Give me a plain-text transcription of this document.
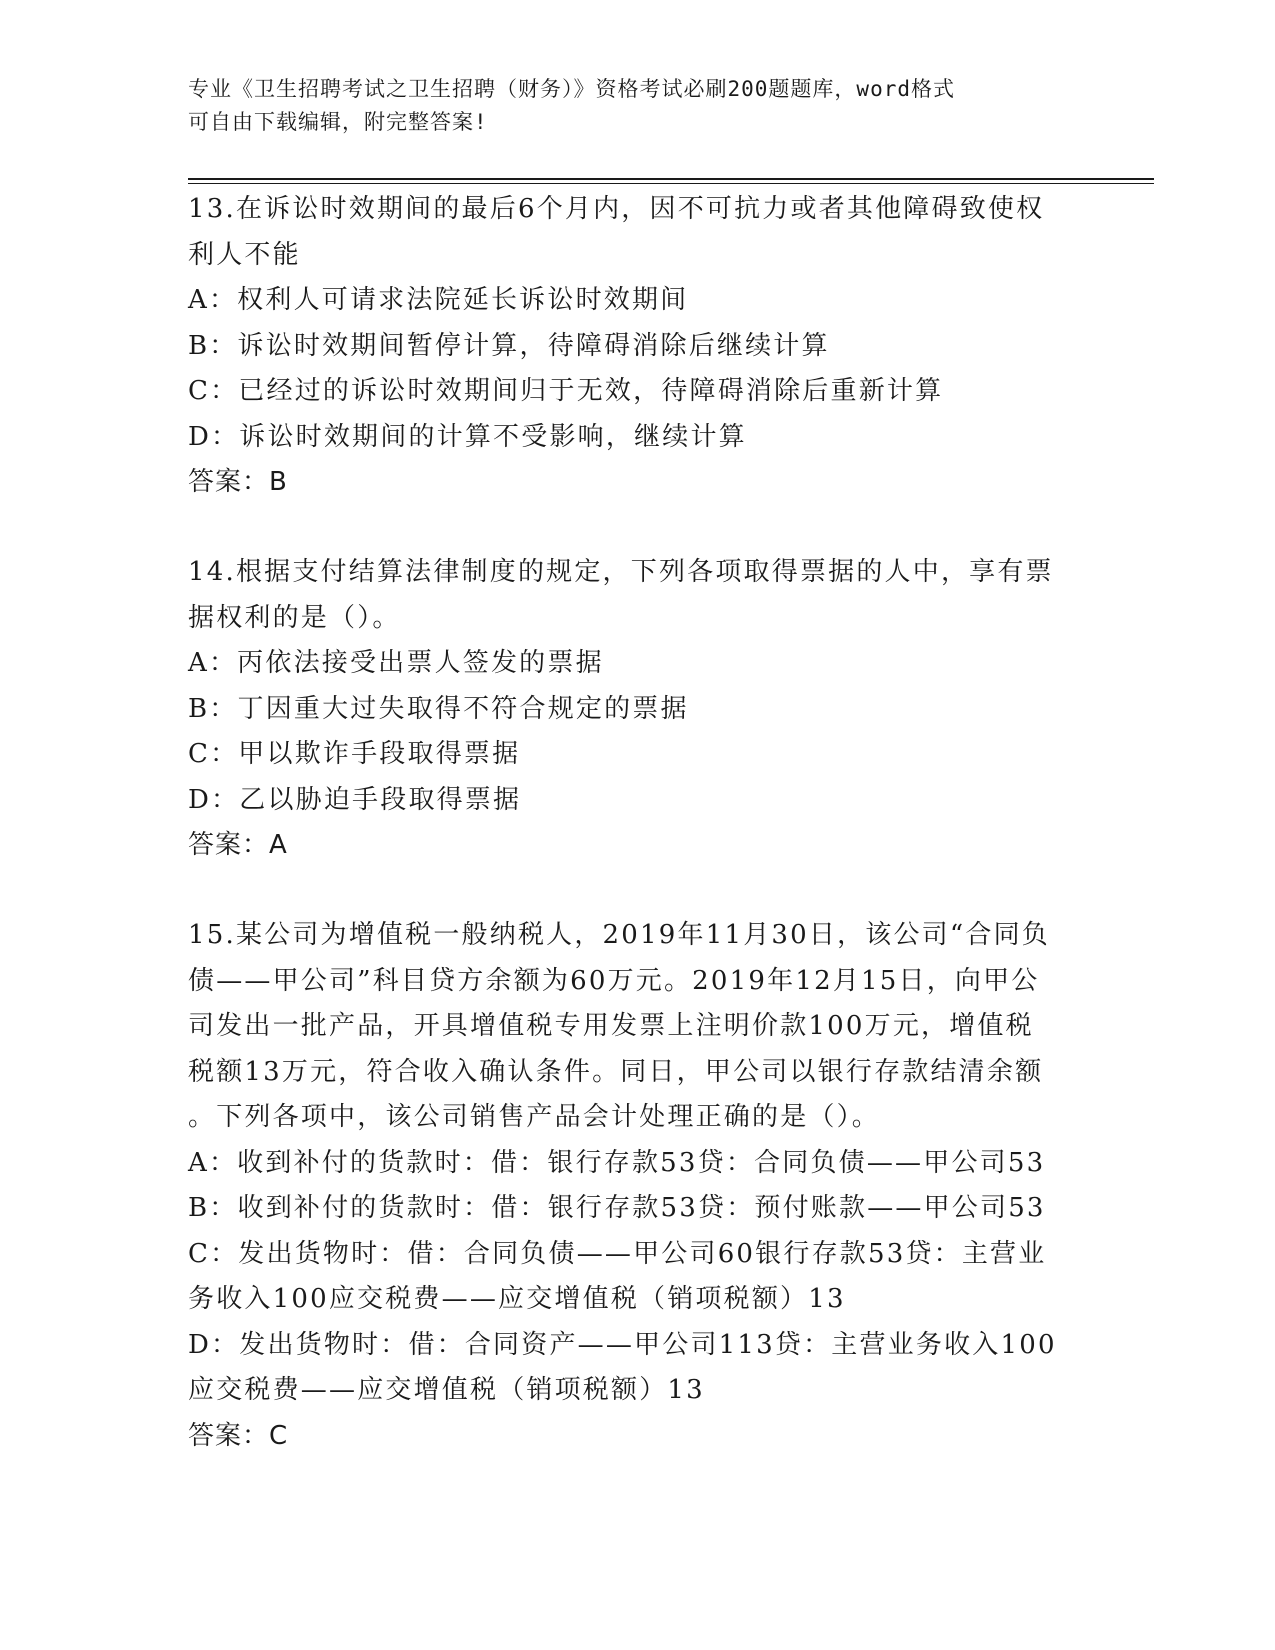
专业《卫生招聘考试之卫生招聘（财务）》资格考试必刷200题题库，word格式
可自由下载编辑，附完整答案!
13.在诉讼时效期间的最后6个月内，因不可抗力或者其他障碍致使权
利人不能
A：权利人可请求法院延长诉讼时效期间
B：诉讼时效期间暂停计算，待障碍消除后继续计算
C：已经过的诉讼时效期间归于无效，待障碍消除后重新计算
D：诉讼时效期间的计算不受影响，继续计算
答案：B
14.根据支付结算法律制度的规定，下列各项取得票据的人中，享有票
据权利的是（）。
A：丙依法接受出票人签发的票据
B：丁因重大过失取得不符合规定的票据
C：甲以欺诈手段取得票据
D：乙以胁迫手段取得票据
答案：A
15.某公司为增值税一般纳税人，2019年11月30日，该公司“合同负
债——甲公司”科目贷方余额为60万元。2019年12月15日，向甲公
司发出一批产品，开具增值税专用发票上注明价款100万元，增值税
税额13万元，符合收入确认条件。同日，甲公司以银行存款结清余额
。下列各项中，该公司销售产品会计处理正确的是（）。
A：收到补付的货款时：借：银行存款53贷：合同负债——甲公司53
B：收到补付的货款时：借：银行存款53贷：预付账款——甲公司53
C：发出货物时：借：合同负债——甲公司60银行存款53贷：主营业
务收入100应交税费——应交增值税（销项税额）13
D：发出货物时：借：合同资产——甲公司113贷：主营业务收入100
应交税费——应交增值税（销项税额）13
答案：C
